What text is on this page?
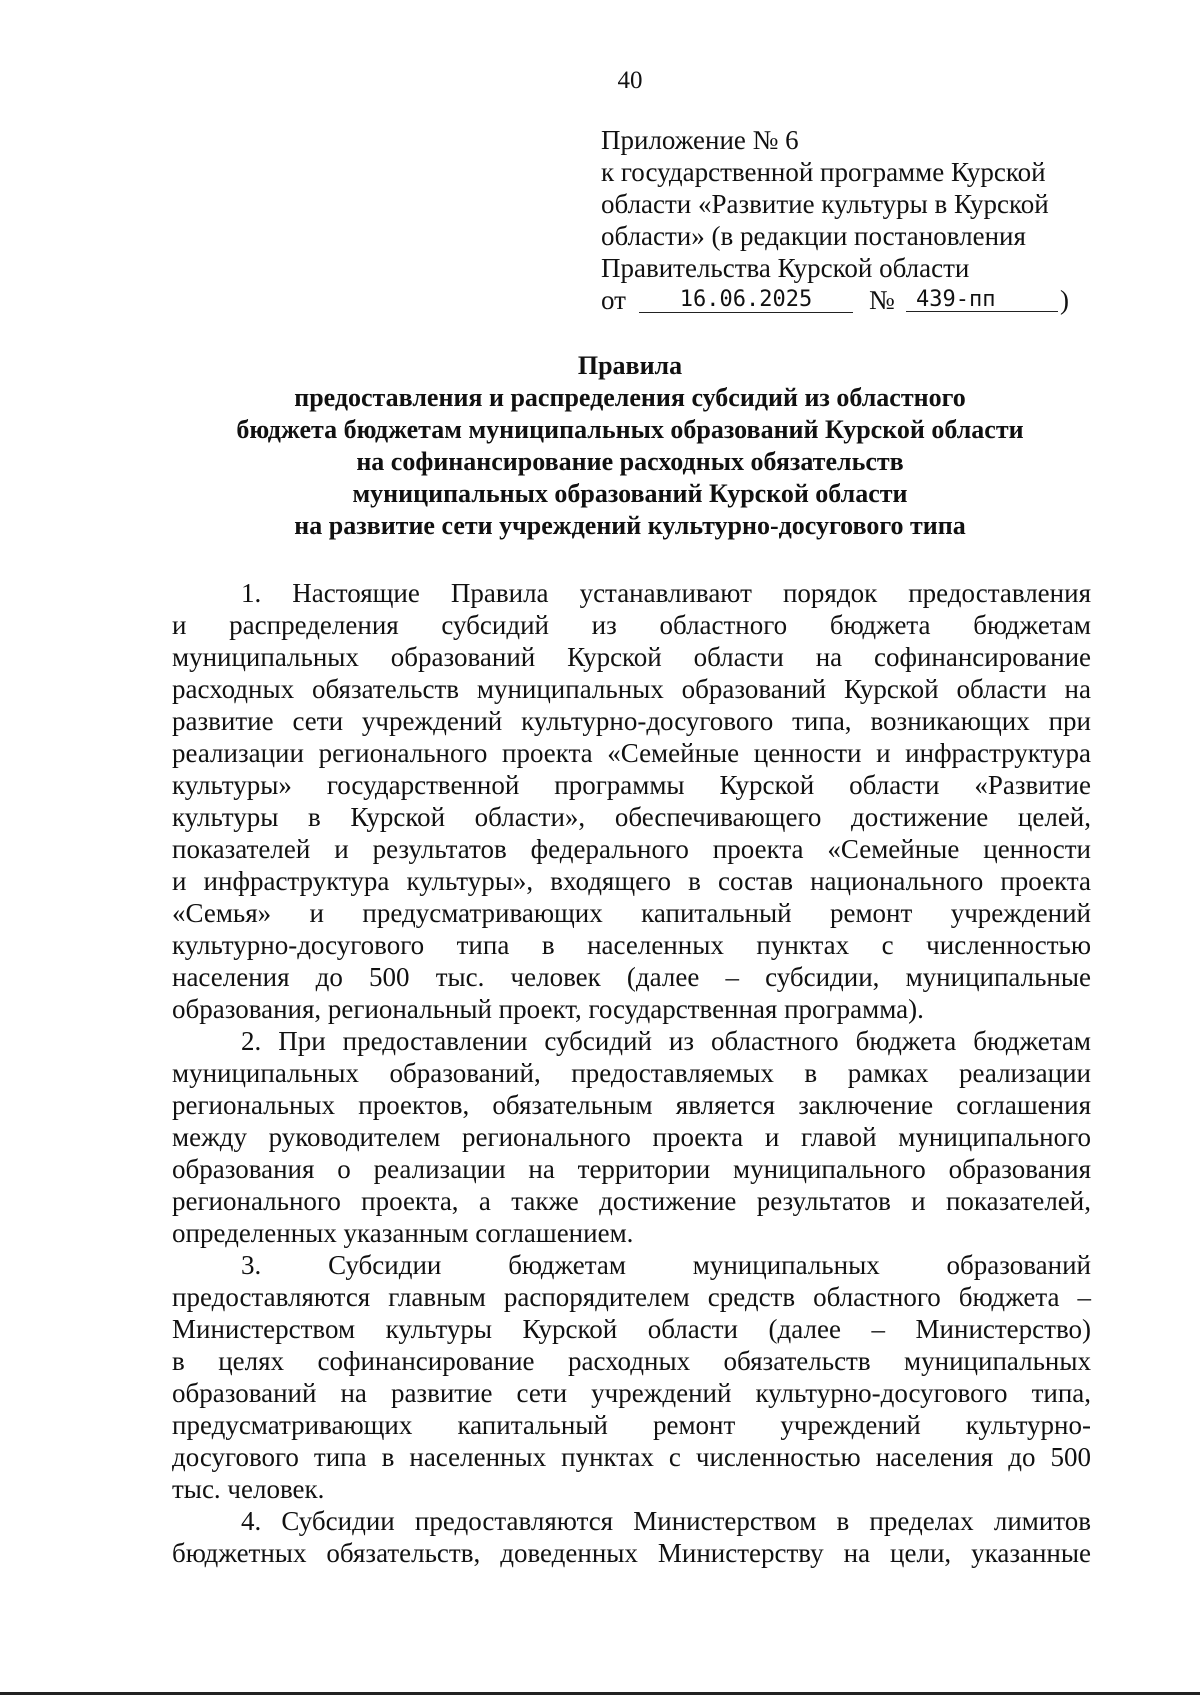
40
Приложение № 6
к государственной программе Курской
области «Развитие культуры в Курской
области» (в редакции постановления
Правительства Курской области
от	16.06.2025	№ 439-пп	)
Правила
предоставления и распределения субсидий из областного
бюджета бюджетам муниципальных образований Курской области
на софинансирование расходных обязательств
муниципальных образований Курской области
на развитие сети учреждений культурно-досугового типа
1. Настоящие Правила устанавливают порядок предоставления
и распределения субсидий из областного бюджета бюджетам
муниципальных образований Курской области на софинансирование
расходных обязательств муниципальных образований Курской области на
развитие сети учреждений культурно-досугового типа, возникающих при
реализации регионального проекта «Семейные ценности и инфраструктура
культуры» государственной программы Курской области «Развитие
культуры в Курской области», обеспечивающего достижение целей,
показателей и результатов федерального проекта «Семейные ценности
и инфраструктура культуры», входящего в состав национального проекта
«Семья» и предусматривающих капитальный ремонт учреждений
культурно-досугового типа в населенных пунктах с численностью
населения до 500 тыс. человек (далее – субсидии, муниципальные
образования, региональный проект, государственная программа).
2. При предоставлении субсидий из областного бюджета бюджетам
муниципальных образований, предоставляемых в рамках реализации
региональных проектов, обязательным является заключение соглашения
между руководителем регионального проекта и главой муниципального
образования о реализации на территории муниципального образования
регионального проекта, а также достижение результатов и показателей,
определенных указанным соглашением.
3. Субсидии бюджетам муниципальных образований
предоставляются главным распорядителем средств областного бюджета –
Министерством культуры Курской области (далее – Министерство)
в целях софинансирование расходных обязательств муниципальных
образований на развитие сети учреждений культурно-досугового типа,
предусматривающих капитальный ремонт учреждений культурно-
досугового типа в населенных пунктах с численностью населения до 500
тыс. человек.
4. Субсидии предоставляются Министерством в пределах лимитов
бюджетных обязательств, доведенных Министерству на цели, указанные
